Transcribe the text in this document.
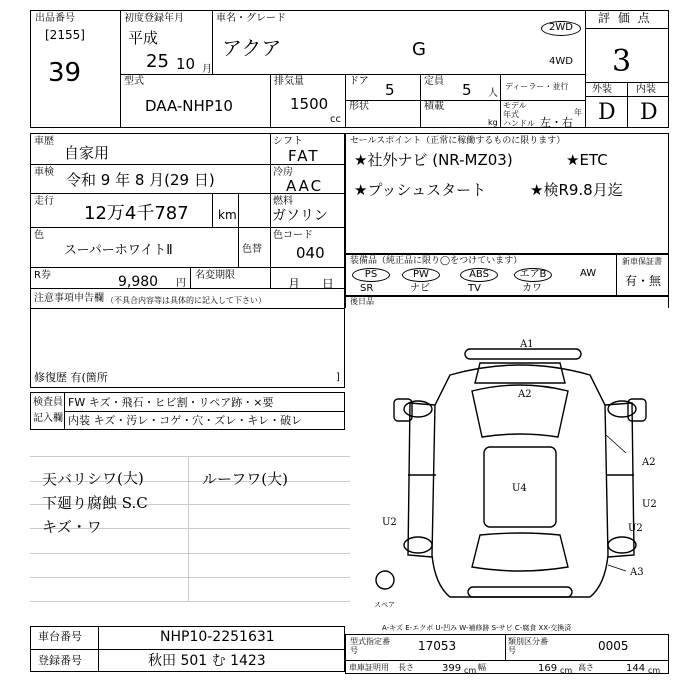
出品番号
[2155]
39
初度登録年月
平成
25 10 月
車名・グレード
アクア	G
2WD
4WD
評 価 点
3
外装 内装
D D
型式
DAA-NHP10
排気量
1500
cc
ドア 5
形状
定員 5 人
積載
kg
ディーラー・並行
モデル年式	年
ハンドル 左・右
車歴
自家用
シフト
FAT
車検 令和 9 年 8 月(29 日)	冷房
AAC
走行
12万4千787 km
燃料
ガソリン
色
スーパーホワイトⅡ	色替
色コード
040
R券	9,980 円
名変期限
月 日
注意事項申告欄 （不具合内容等は具体的に記入して下さい）
修復歴 有(箇所	]
セールスポイント（正常に稼働するものに限ります）
★社外ナビ (NR-MZ03)	★ETC
★プッシュスタート	★検R9.8月迄
装備品（純正品に限り◯をつけています）	新車保証書
有・無
PS
SR
PW
ナビ
ABS
TV
エアB
カワ
AW
後日品
検査員
記入欄
FW キズ・飛石・ヒビ割・リペア跡・×要
内装 キズ・汚レ・コゲ・穴・ズレ・キレ・破レ
天バリシワ(大)
下廻り腐蝕 S.C
キズ・ワ
ルーフワ(大)
A1
A2
A2
U4
U2
U2
U2
A3
スペア
A-キズ E-エクボ U-凹み W-補修跡 S-サビ C-腐食 XX-交換済
車台番号	NHP10-2251631
登録番号	秋田 501 む 1423
型式指定番号	17053	類別区分番号	0005
車庫証明用 長さ	399 cm 幅	169 cm 高さ	144 cm
